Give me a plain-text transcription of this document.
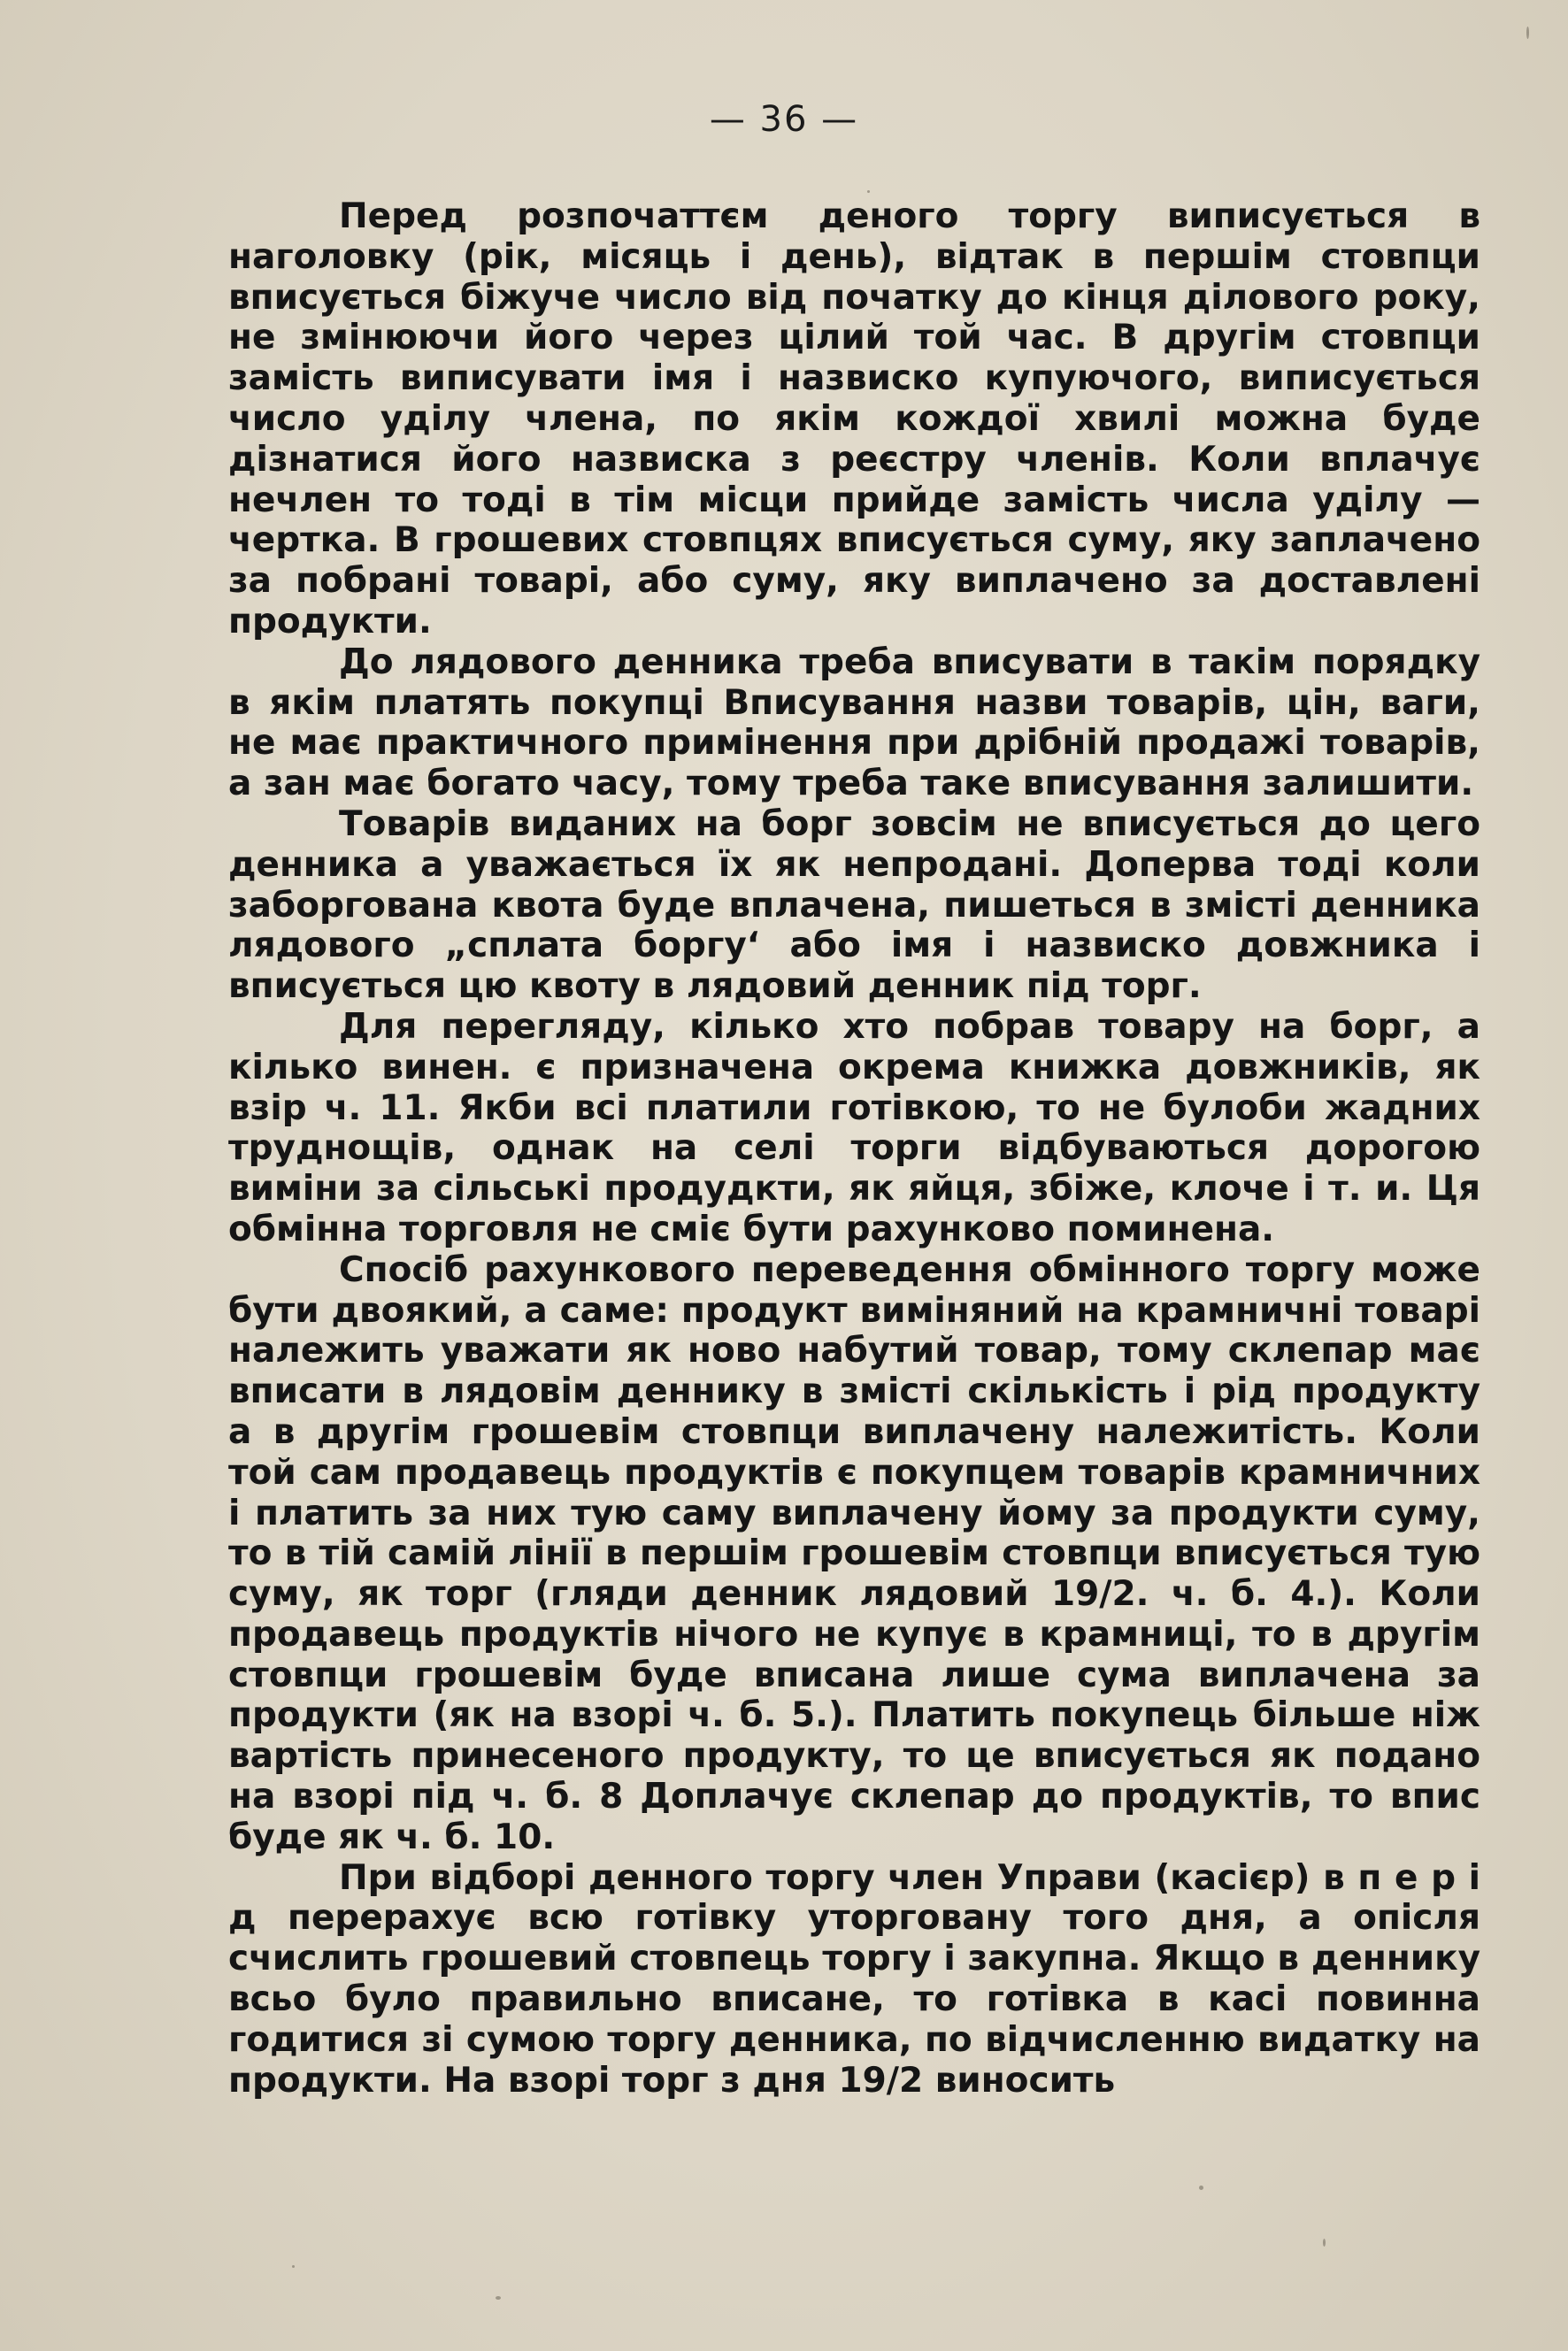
— 36 —

Перед розпочаттєм деного торгу виписується в наголовку (рік, місяць і день), відтак в першім стовпци вписується біжуче число від початку до кінця ділового року, не змінюючи його через цілий той час. В другім стовпци замість виписувати імя і назвиско купуючого, виписується число уділу члена, по якім кождої хвилі можна буде дізнатися його назвиска з реєстру членів. Коли вплачує нечлен то тоді в тім місци прийде замість числа уділу — чертка. В грошевих стовпцях вписується суму, яку заплачено за побрані товарі, або суму, яку виплачено за доставлені продукти.

До лядового денника треба вписувати в такім порядку в якім платять покупці Вписування назви товарів, цін, ваги, не має практичного примінення при дрібній продажі товарів, а зан має богато часу, тому треба таке вписування залишити.

Товарів виданих на борг зовсім не вписується до цего денника а уважається їх як непродані. Доперва тоді коли заборгована квота буде вплачена, пишеться в змісті денника лядового „сплата боргу‘ або імя і назвиско довжника і вписується цю квоту в лядовий денник під торг.

Для перегляду, кілько хто побрав товару на борг, а кілько винен. є призначена окрема книжка довжників, як взір ч. 11. Якби всі платили готівкою, то не булоби жадних труднощів, однак на селі торги відбуваються дорогою виміни за сільські продудкти, як яйця, збіже, клоче і т. и. Ця обмінна торговля не сміє бути рахунково поминена.

Спосіб рахункового переведення обмінного торгу може бути двоякий, а саме: продукт виміняний на крамничні товарі належить уважати як ново набутий товар, тому склепар має вписати в лядовім деннику в змісті скількість і рід продукту а в другім грошевім стовпци виплачену належитість. Коли той сам продавець продуктів є покупцем товарів крамничних і платить за них тую саму виплачену йому за продукти суму, то в тій самій лінії в першім грошевім стовпци вписується тую суму, як торг (гляди денник лядовий 19/2. ч. б. 4.). Коли продавець продуктів нічого не купує в крамниці, то в другім стовпци грошевім буде вписана лише сума виплачена за продукти (як на взорі ч. б. 5.). Платить покупець більше ніж вартість принесеного продукту, то це вписується як подано на взорі під ч. б. 8 Доплачує склепар до продуктів, то впис буде як ч. б. 10.

При відборі денного торгу член Управи (касієр) в п е р і д перерахує всю готівку уторговану того дня, а опісля счислить грошевий стовпець торгу і закупна. Якщо в деннику всьо було правильно вписане, то готівка в касі повинна годитися зі сумою торгу денника, по відчисленню видатку на продукти. На взорі торг з дня 19/2 виносить
